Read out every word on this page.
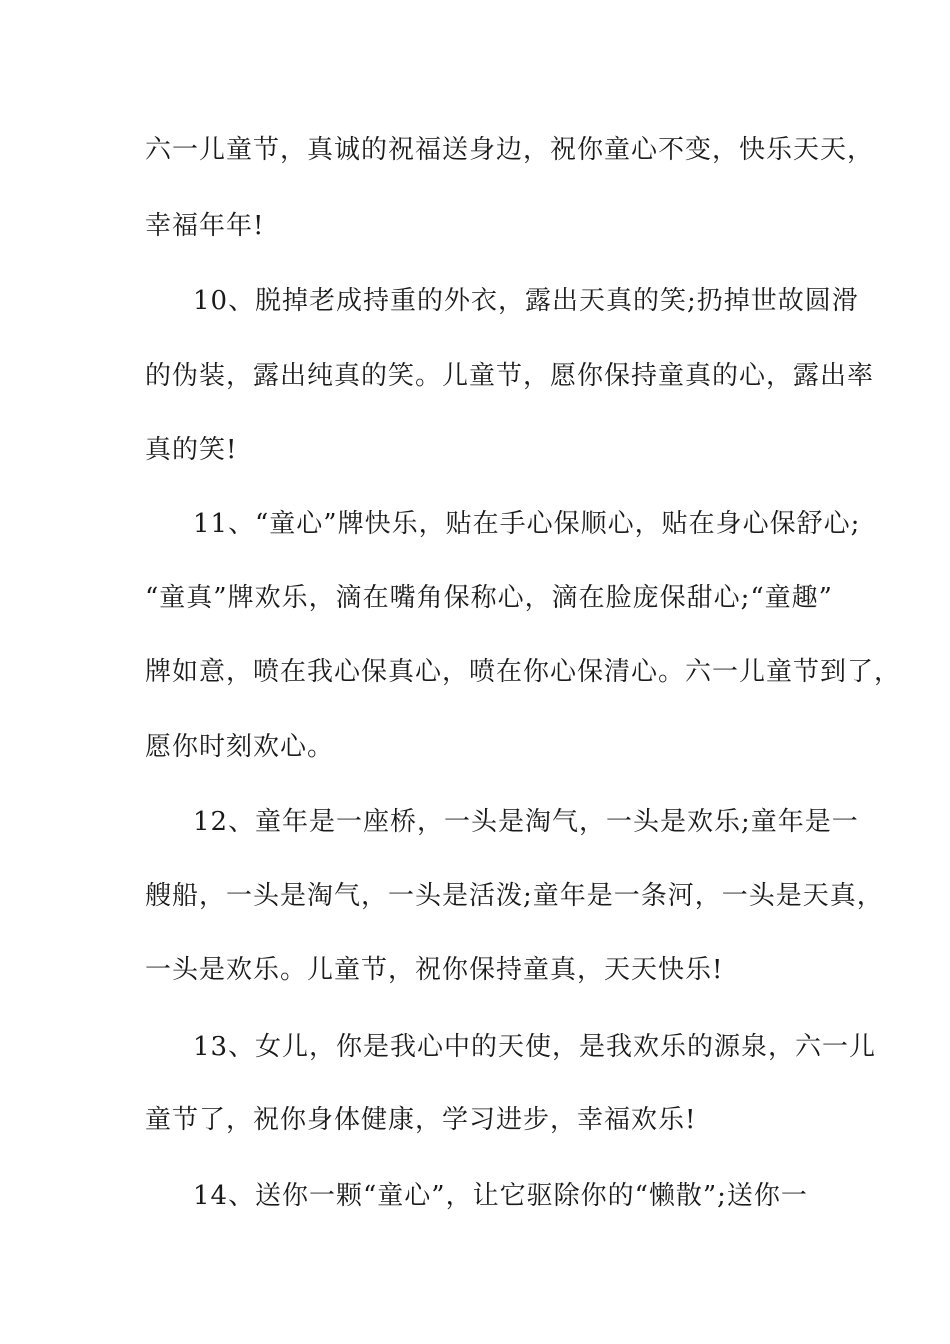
六一儿童节，真诚的祝福送身边，祝你童心不变，快乐天天，
幸福年年!
10、脱掉老成持重的外衣，露出天真的笑;扔掉世故圆滑
的伪装，露出纯真的笑。儿童节，愿你保持童真的心，露出率
真的笑!
11、“童心”牌快乐，贴在手心保顺心，贴在身心保舒心;
“童真”牌欢乐，滴在嘴角保称心，滴在脸庞保甜心;“童趣”
牌如意，喷在我心保真心，喷在你心保清心。六一儿童节到了，
愿你时刻欢心。
12、童年是一座桥，一头是淘气，一头是欢乐;童年是一
艘船，一头是淘气，一头是活泼;童年是一条河，一头是天真，
一头是欢乐。儿童节，祝你保持童真，天天快乐!
13、女儿，你是我心中的天使，是我欢乐的源泉，六一儿
童节了，祝你身体健康，学习进步，幸福欢乐!
14、送你一颗“童心”，让它驱除你的“懒散”;送你一
